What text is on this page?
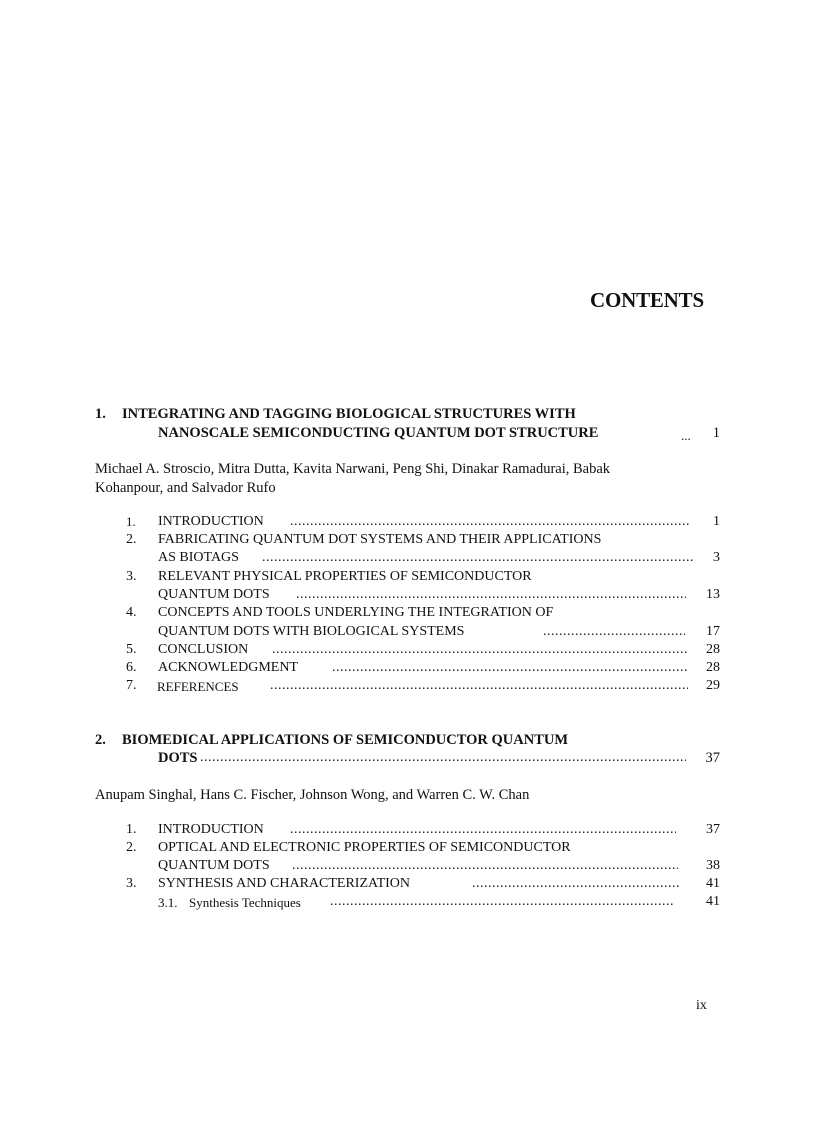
CONTENTS
1. INTEGRATING AND TAGGING BIOLOGICAL STRUCTURES WITH
NANOSCALE SEMICONDUCTING QUANTUM DOT STRUCTURE	...	1
Michael A. Stroscio, Mitra Dutta, Kavita Narwani, Peng Shi, Dinakar Ramadurai, Babak
Kohanpour, and Salvador Rufo
1. INTRODUCTION .....	1
2. FABRICATING QUANTUM DOT SYSTEMS AND THEIR APPLICATIONS
AS BIOTAGS .....	3
3. RELEVANT PHYSICAL PROPERTIES OF SEMICONDUCTOR
QUANTUM DOTS .....	13
4. CONCEPTS AND TOOLS UNDERLYING THE INTEGRATION OF
QUANTUM DOTS WITH BIOLOGICAL SYSTEMS .....	17
5. CONCLUSION .....	28
6. ACKNOWLEDGMENT .....	28
7. REFERENCES .....	29
2. BIOMEDICAL APPLICATIONS OF SEMICONDUCTOR QUANTUM
DOTS .....	37
Anupam Singhal, Hans C. Fischer, Johnson Wong, and Warren C. W. Chan
1. INTRODUCTION .....	37
2. OPTICAL AND ELECTRONIC PROPERTIES OF SEMICONDUCTOR
QUANTUM DOTS .....	38
3. SYNTHESIS AND CHARACTERIZATION .....	41
3.1. Synthesis Techniques .....	41
ix
